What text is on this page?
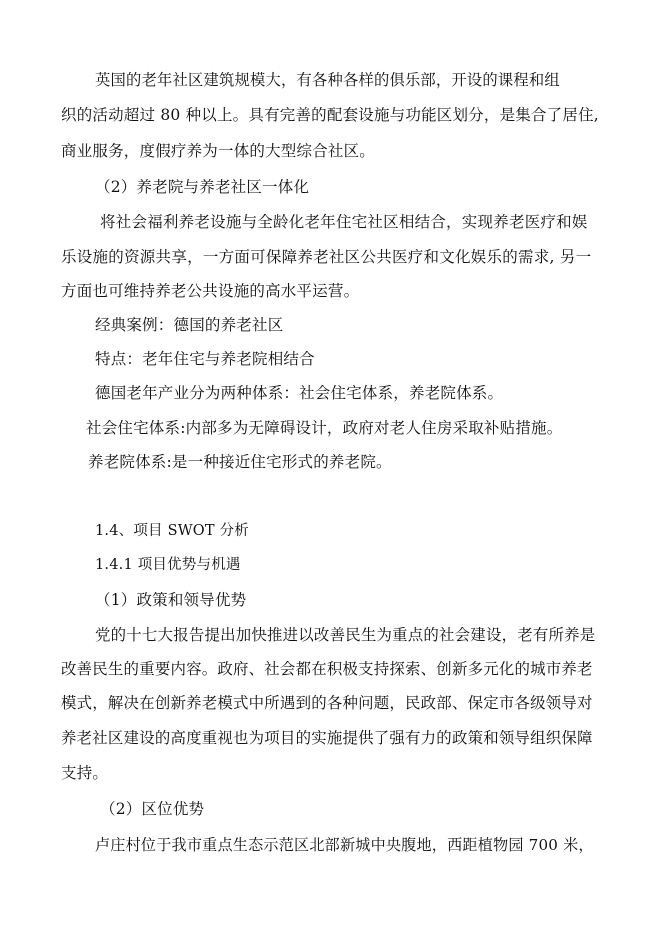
英国的老年社区建筑规模大，有各种各样的俱乐部，开设的课程和组
织的活动超过 80 种以上。具有完善的配套设施与功能区划分，是集合了居住,
商业服务，度假疗养为一体的大型综合社区。
（2）养老院与养老社区一体化
将社会福利养老设施与全龄化老年住宅社区相结合，实现养老医疗和娱
乐设施的资源共享，一方面可保障养老社区公共医疗和文化娱乐的需求, 另一
方面也可维持养老公共设施的高水平运营。
经典案例：德国的养老社区
特点：老年住宅与养老院相结合
德国老年产业分为两种体系：社会住宅体系，养老院体系。
社会住宅体系:内部多为无障碍设计，政府对老人住房采取补贴措施。
养老院体系:是一种接近住宅形式的养老院。
1.4、项目 SWOT 分析
1.4.1 项目优势与机遇
（1）政策和领导优势
党的十七大报告提出加快推进以改善民生为重点的社会建设，老有所养是
改善民生的重要内容。政府、社会都在积极支持探索、创新多元化的城市养老
模式，解决在创新养老模式中所遇到的各种问题，民政部、保定市各级领导对
养老社区建设的高度重视也为项目的实施提供了强有力的政策和领导组织保障
支持。
（2）区位优势
卢庄村位于我市重点生态示范区北部新城中央腹地，西距植物园 700 米，
